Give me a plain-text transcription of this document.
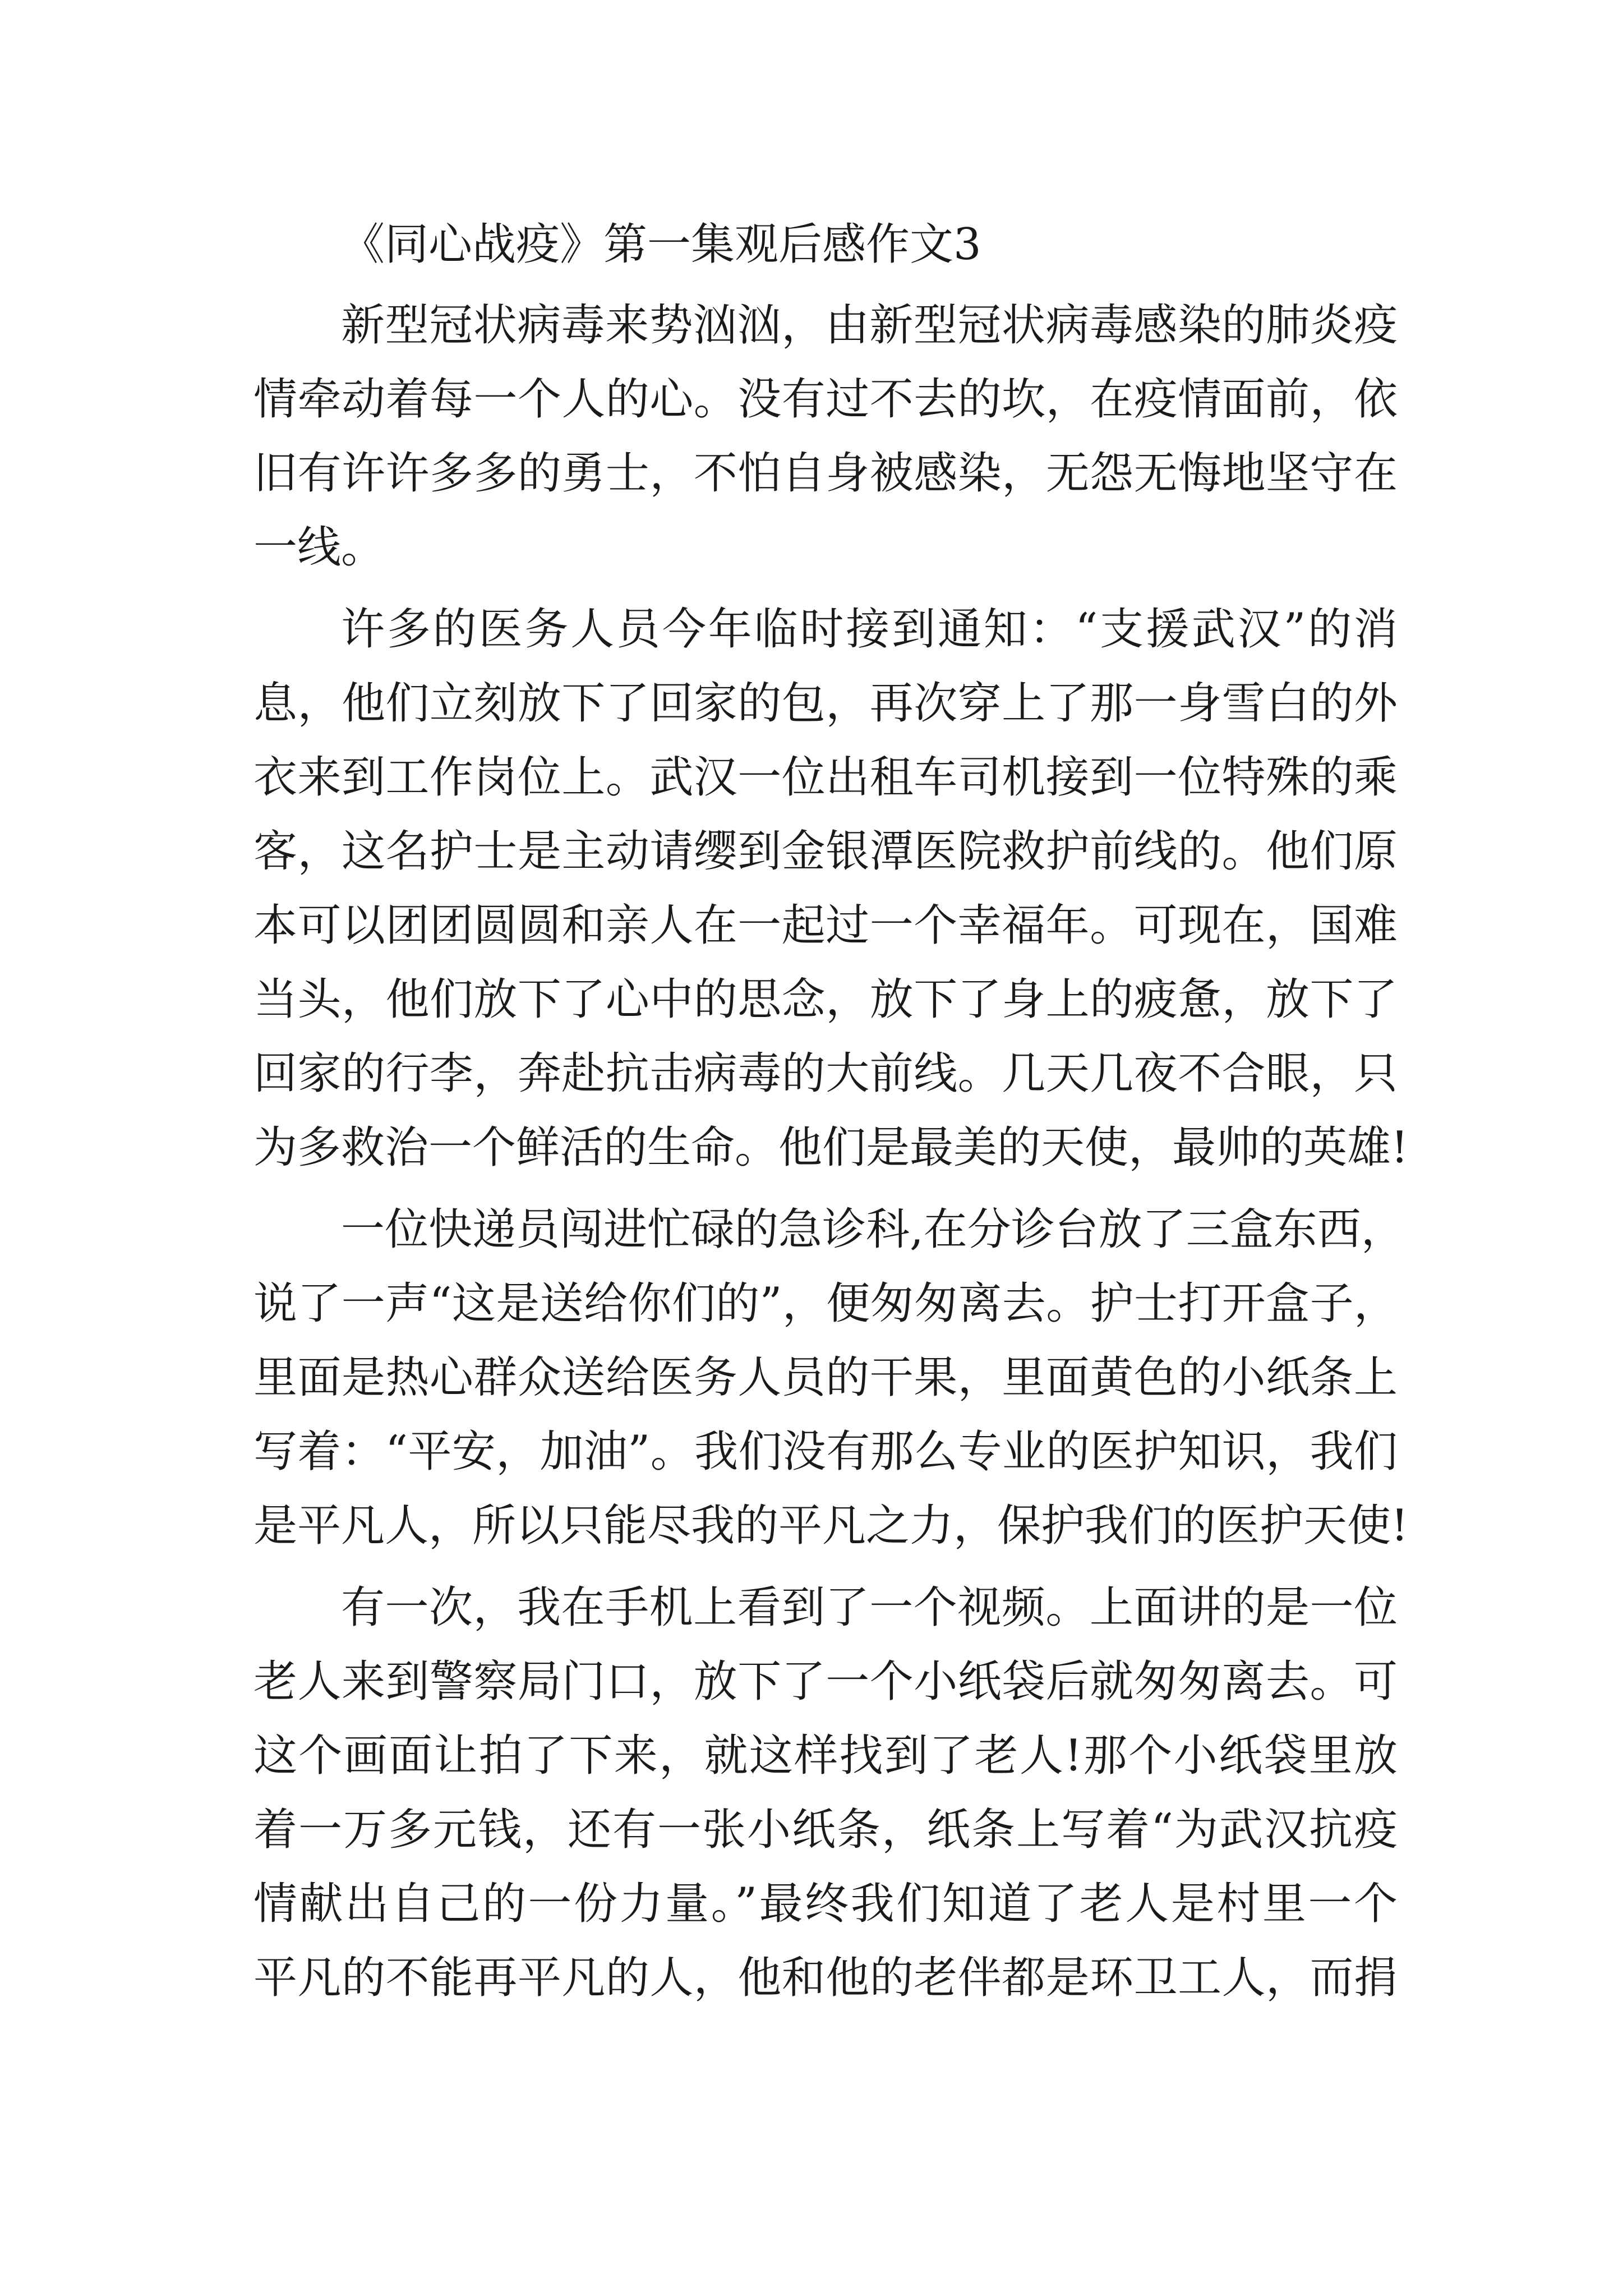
《同心战疫》第一集观后感作文3
新型冠状病毒来势汹汹，由新型冠状病毒感染的肺炎疫
情牵动着每一个人的心。没有过不去的坎，在疫情面前，依
旧有许许多多的勇士，不怕自身被感染，无怨无悔地坚守在
一线。
许多的医务人员今年临时接到通知：“支援武汉”的消
息，他们立刻放下了回家的包，再次穿上了那一身雪白的外
衣来到工作岗位上。武汉一位出租车司机接到一位特殊的乘
客，这名护士是主动请缨到金银潭医院救护前线的。他们原
本可以团团圆圆和亲人在一起过一个幸福年。可现在，国难
当头，他们放下了心中的思念，放下了身上的疲惫，放下了
回家的行李，奔赴抗击病毒的大前线。几天几夜不合眼，只
为多救治一个鲜活的生命。他们是最美的天使，最帅的英雄!
一位快递员闯进忙碌的急诊科,在分诊台放了三盒东西，
说了一声“这是送给你们的”，便匆匆离去。护士打开盒子，
里面是热心群众送给医务人员的干果，里面黄色的小纸条上
写着：“平安，加油”。我们没有那么专业的医护知识，我们
是平凡人，所以只能尽我的平凡之力，保护我们的医护天使!
有一次，我在手机上看到了一个视频。上面讲的是一位
老人来到警察局门口，放下了一个小纸袋后就匆匆离去。可
这个画面让拍了下来，就这样找到了老人!那个小纸袋里放
着一万多元钱，还有一张小纸条，纸条上写着“为武汉抗疫
情献出自己的一份力量。”最终我们知道了老人是村里一个
平凡的不能再平凡的人，他和他的老伴都是环卫工人，而捐
